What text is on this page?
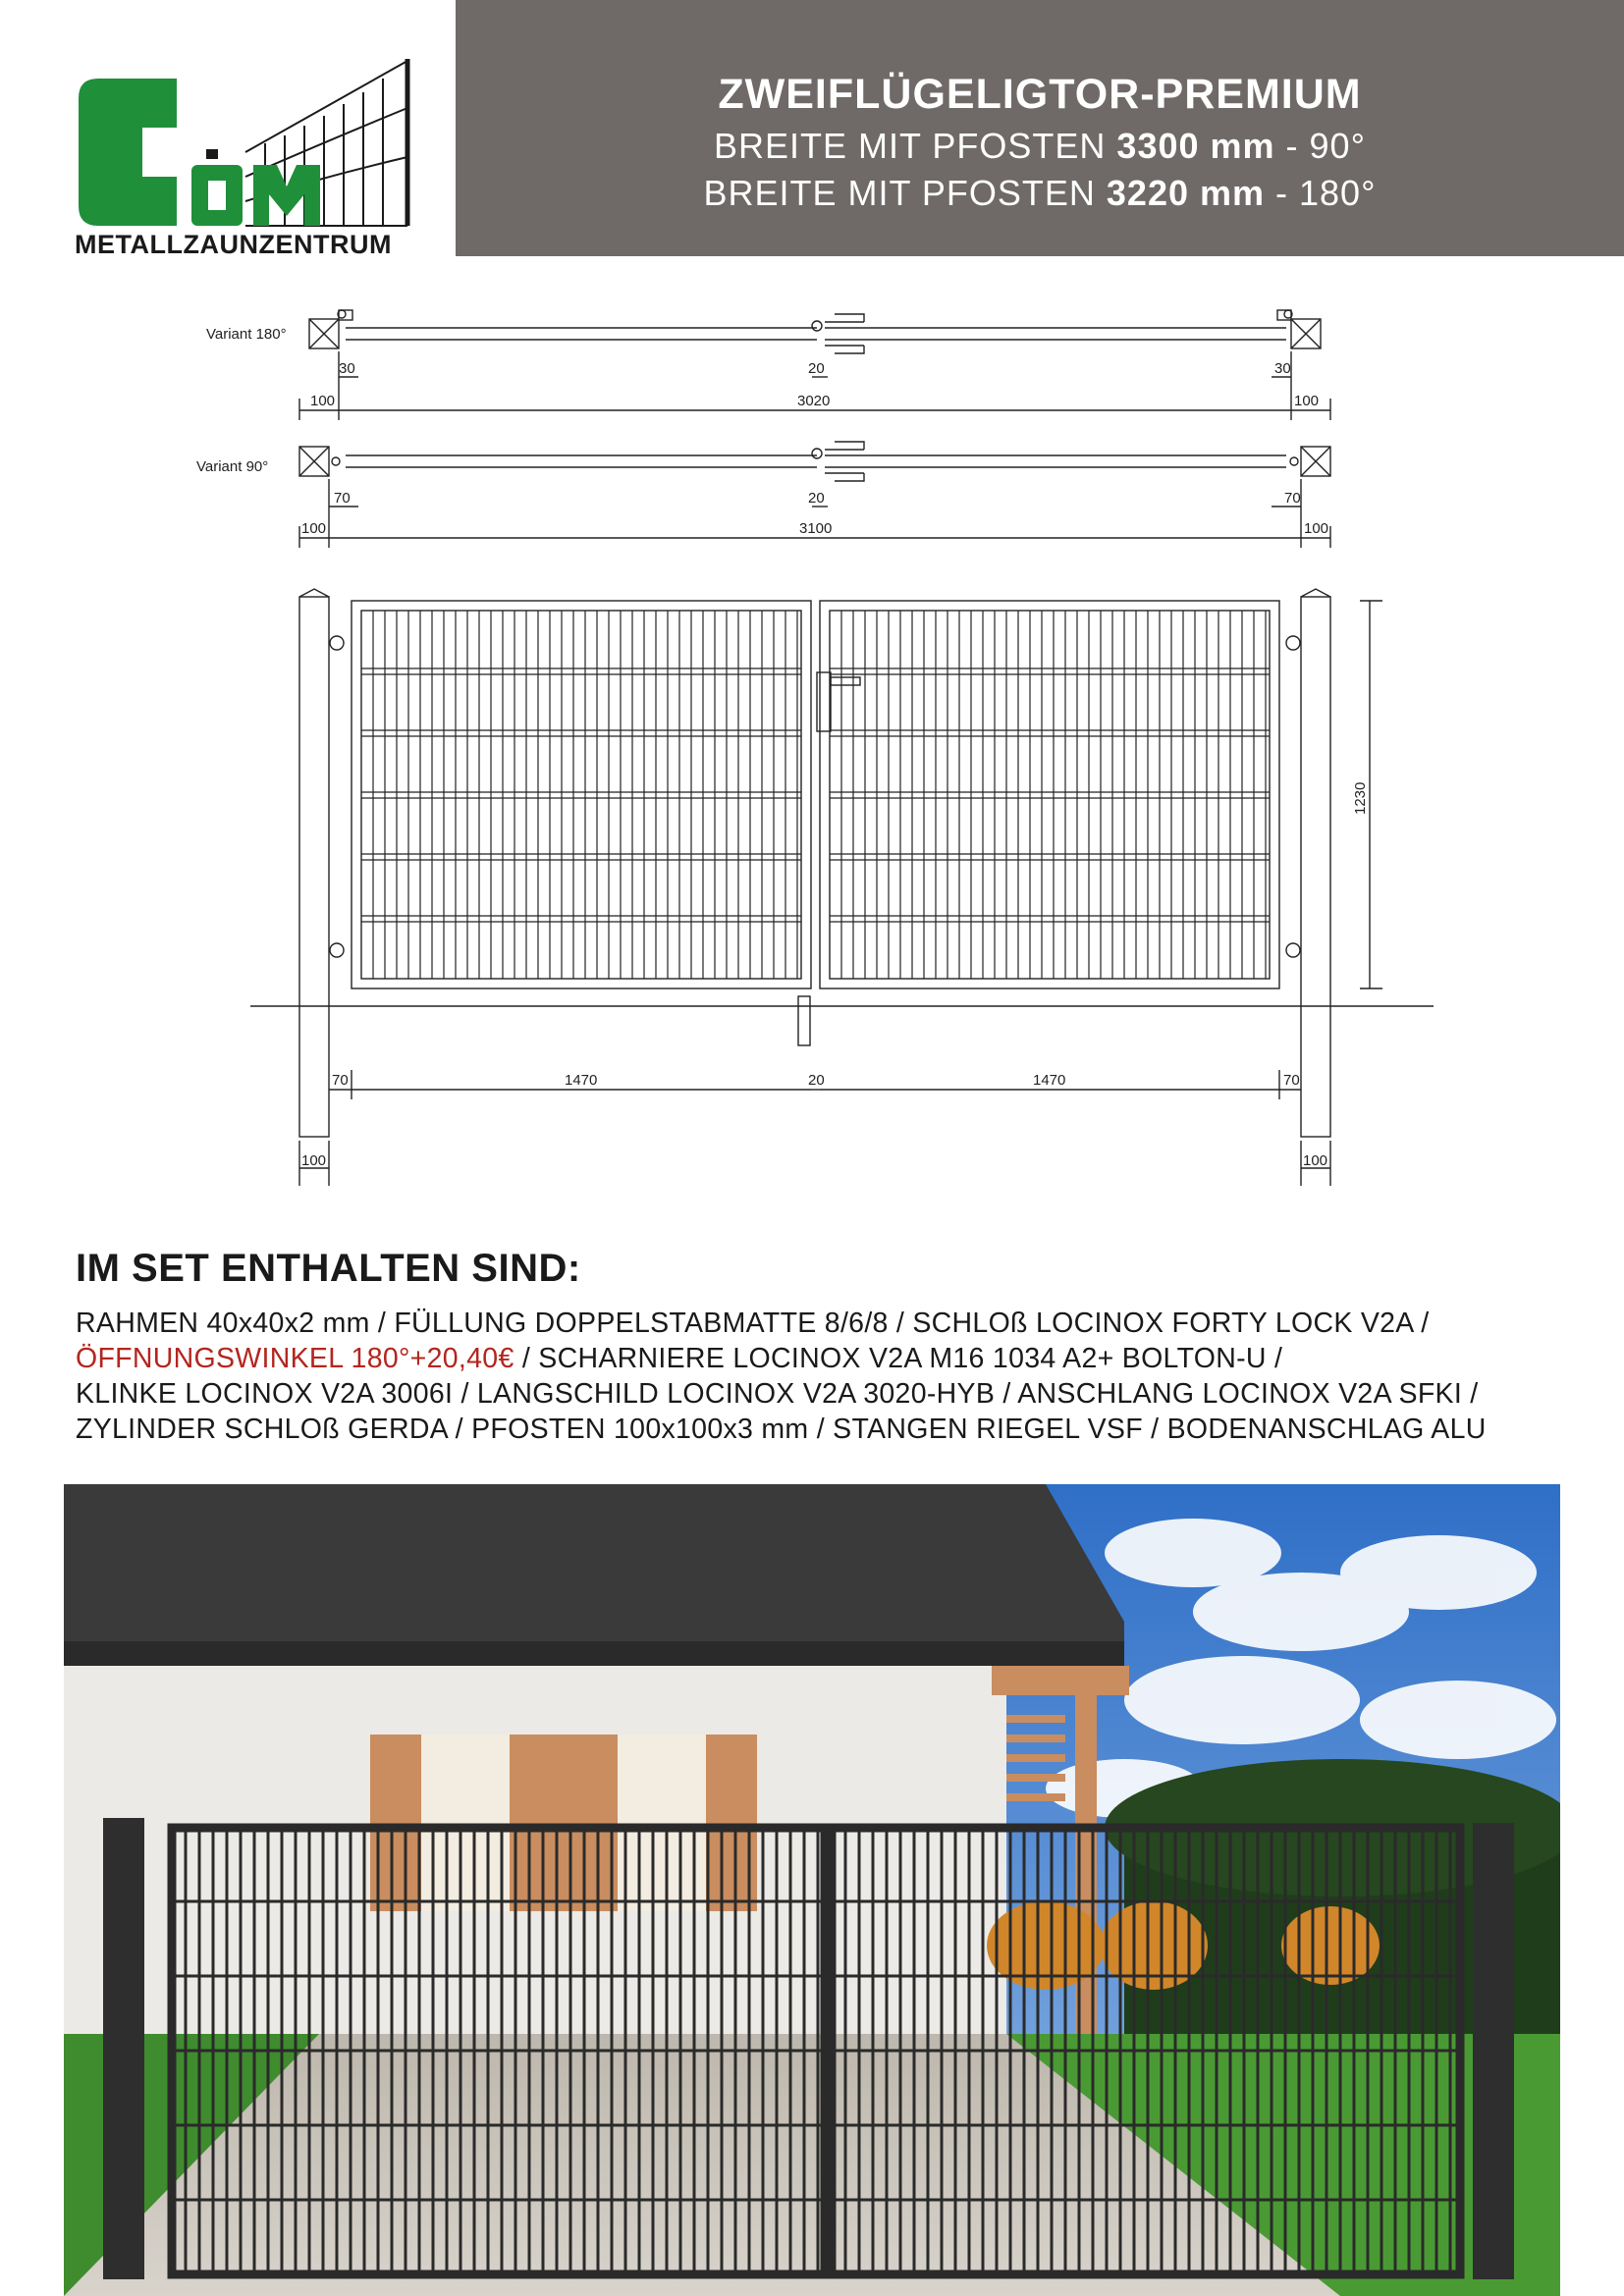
METALLZAUNZENTRUM
ZWEIFLÜGELIGTOR-PREMIUM
BREITE MIT PFOSTEN 3300 mm - 90°
BREITE MIT PFOSTEN 3220 mm - 180°
Variant 180°
30	20	30
100	3020	100
Variant 90°
70	20	70
100	3100	100
1230
70	1470	20	1470	70
100	100
IM SET ENTHALTEN SIND:
RAHMEN 40x40x2 mm / FÜLLUNG DOPPELSTABMATTE 8/6/8 / SCHLOß LOCINOX FORTY LOCK V2A /
ÖFFNUNGSWINKEL 180°+20,40€ / SCHARNIERE LOCINOX V2A M16 1034 A2+ BOLTON-U /
KLINKE LOCINOX V2A 3006I / LANGSCHILD LOCINOX V2A 3020-HYB / ANSCHLANG LOCINOX V2A SFKI /
ZYLINDER SCHLOß GERDA / PFOSTEN 100x100x3 mm / STANGEN RIEGEL VSF / BODENANSCHLAG ALU
